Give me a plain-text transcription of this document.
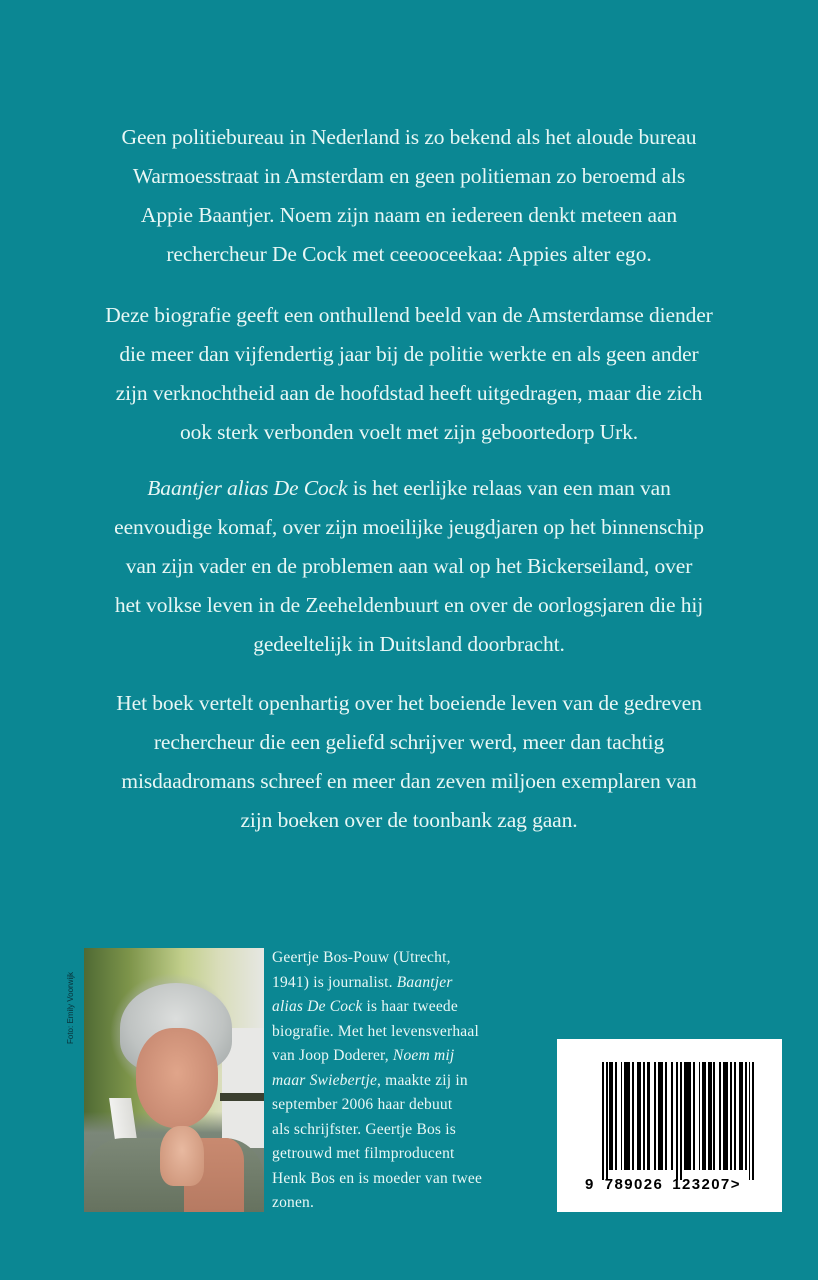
Geen politiebureau in Nederland is zo bekend als het aloude bureau
Warmoesstraat in Amsterdam en geen politieman zo beroemd als
Appie Baantjer. Noem zijn naam en iedereen denkt meteen aan
rechercheur De Cock met ceeooceekaa: Appies alter ego.
Deze biografie geeft een onthullend beeld van de Amsterdamse diender
die meer dan vijfendertig jaar bij de politie werkte en als geen ander
zijn verknochtheid aan de hoofdstad heeft uitgedragen, maar die zich
ook sterk verbonden voelt met zijn geboortedorp Urk.
Baantjer alias De Cock is het eerlijke relaas van een man van
eenvoudige komaf, over zijn moeilijke jeugdjaren op het binnenschip
van zijn vader en de problemen aan wal op het Bickerseiland, over
het volkse leven in de Zeeheldenbuurt en over de oorlogsjaren die hij
gedeeltelijk in Duitsland doorbracht.
Het boek vertelt openhartig over het boeiende leven van de gedreven
rechercheur die een geliefd schrijver werd, meer dan tachtig
misdaadromans schreef en meer dan zeven miljoen exemplaren van
zijn boeken over de toonbank zag gaan.
Foto: Emily Voorwijk
Geertje Bos-Pouw (Utrecht,
1941) is journalist. Baantjer
alias De Cock is haar tweede
biografie. Met het levensverhaal
van Joop Doderer, Noem mij
maar Swiebertje, maakte zij in
september 2006 haar debuut
als schrijfster. Geertje Bos is
getrouwd met filmproducent
Henk Bos en is moeder van twee
zonen.
9 789026 123207>
